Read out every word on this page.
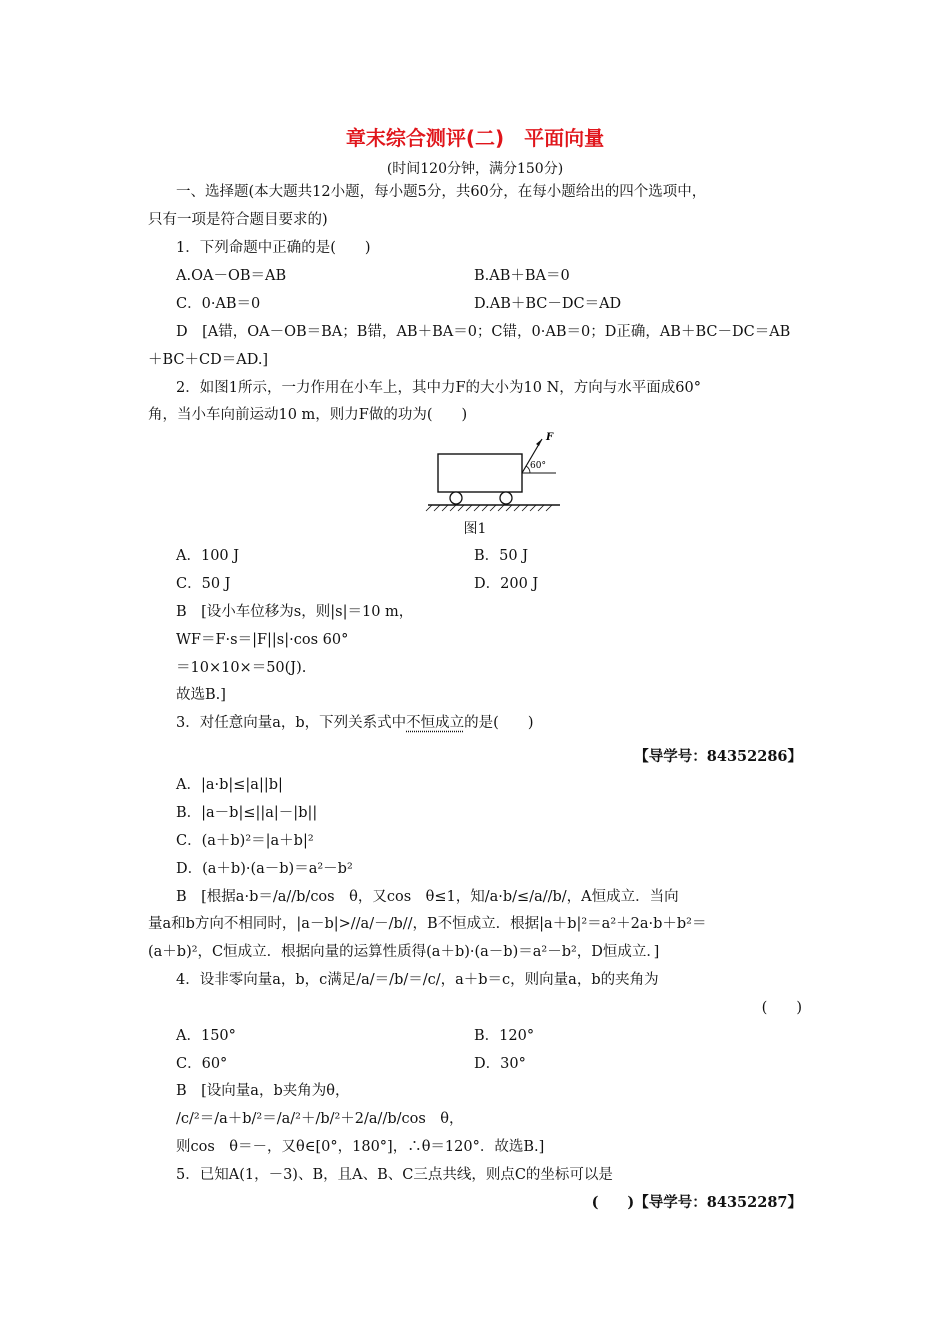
章末综合测评(二)　平面向量
(时间120分钟，满分150分)
一、选择题(本大题共12小题，每小题5分，共60分，在每小题给出的四个选项中，
只有一项是符合题目要求的)
1．下列命题中正确的是(　　)
A.OA－OB＝AB	B.AB＋BA＝0
C．0·AB＝0	D.AB＋BC－DC＝AD
D　[A错，OA－OB＝BA；B错，AB＋BA＝0；C错，0·AB＝0；D正确，AB＋BC－DC＝AB
＋BC＋CD＝AD.]
2．如图1所示，一力作用在小车上，其中力F的大小为10 N，方向与水平面成60°
角，当小车向前运动10 m，则力F做的功为(　　)
F
60°
图1
A．100 J	B．50 J
C．50 J	D．200 J
B　[设小车位移为s，则|s|＝10 m，
WF＝F·s＝|F||s|·cos 60°
＝10×10×＝50(J).
故选B.]
3．对任意向量a，b，下列关系式中不恒成立的是(　　)
【导学号：84352286】
A．|a·b|≤|a||b|
B．|a－b|≤||a|－|b||
C．(a＋b)²＝|a＋b|²
D．(a＋b)·(a－b)＝a²－b²
B　[根据a·b＝/a//b/cos　θ，又cos　θ≤1，知/a·b/≤/a//b/，A恒成立．当向
量a和b方向不相同时，|a－b|>//a/－/b//，B不恒成立．根据|a＋b|²＝a²＋2a·b＋b²＝
(a＋b)²，C恒成立．根据向量的运算性质得(a＋b)·(a－b)＝a²－b²，D恒成立．]
4．设非零向量a，b，c满足/a/＝/b/＝/c/，a＋b＝c，则向量a，b的夹角为
(　　)
A．150°	B．120°
C．60°	D．30°
B　[设向量a，b夹角为θ，
/c/²＝/a＋b/²＝/a/²＋/b/²＋2/a//b/cos　θ，
则cos　θ＝－，又θ∈[0°，180°]，∴θ＝120°．故选B.]
5．已知A(1，－3)、B，且A、B、C三点共线，则点C的坐标可以是
(　　)【导学号：84352287】
